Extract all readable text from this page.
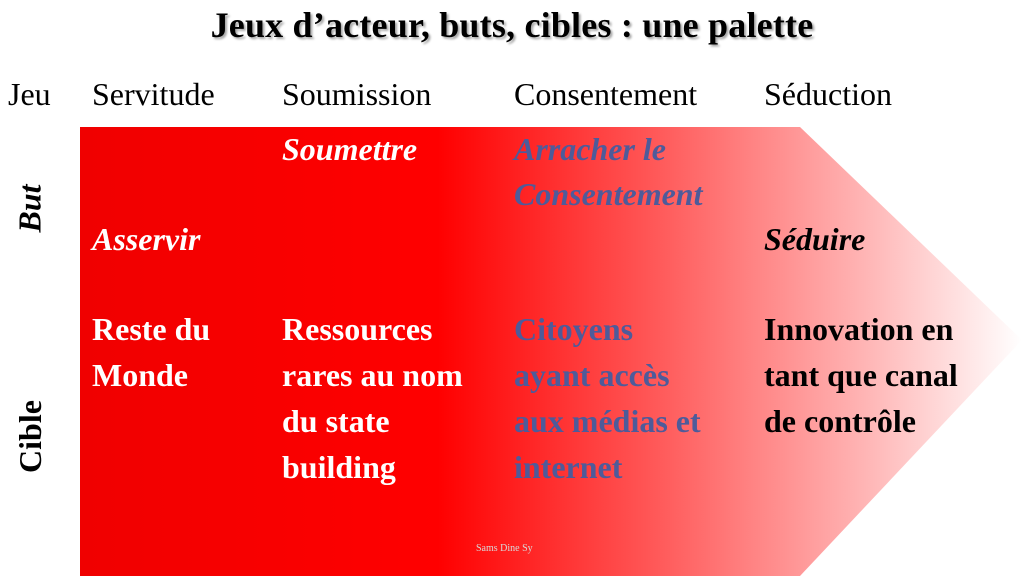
Jeux d’acteur, buts, cibles : une palette
Jeu Servitude Soumission	Consentement Séduction
But
Cible
Asservir
Soumettre	Arracher le
Consentement
Séduire
Reste du
Monde
Ressources
rares au nom
du state
building
Citoyens
ayant accès
aux médias et
internet
Innovation en
tant que canal
de contrôle
Sams Dine Sy
